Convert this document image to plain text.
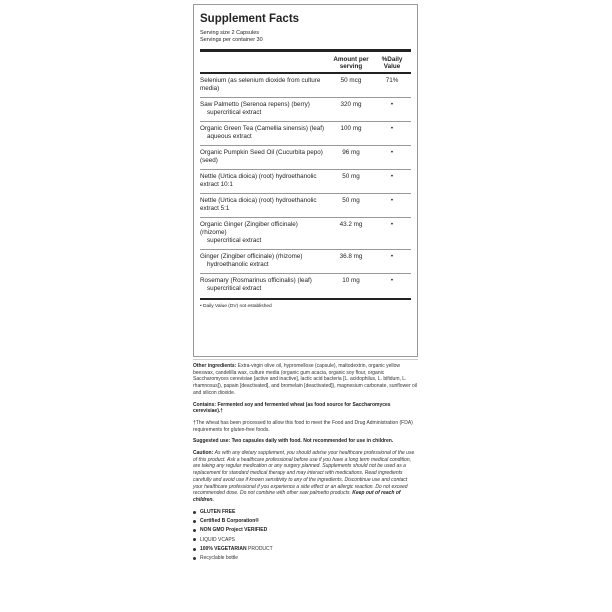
Supplement Facts
Serving size 2 Capsules
Servings per container 30
Amount per serving
%Daily Value
Selenium (as selenium dioxide from culture media)
50 mcg	71%
Saw Palmetto (Serenoa repens) (berry)
supercritical extract
320 mg	•
Organic Green Tea (Camellia sinensis) (leaf)
aqueous extract
100 mg	•
Organic Pumpkin Seed Oil (Cucurbita pepo) (seed)
96 mg	•
Nettle (Urtica dioica) (root) hydroethanolic extract 10:1
50 mg	•
Nettle (Urtica dioica) (root) hydroethanolic extract 5:1
50 mg	•
Organic Ginger (Zingiber officinale) (rhizome)
supercritical extract
43.2 mg	•
Ginger (Zingiber officinale) (rhizome)
hydroethanolic extract
36.8 mg	•
Rosemary (Rosmarinus officinalis) (leaf)
supercritical extract
10 mg	•
• Daily Value (DV) not established

Other ingredients: Extra-virgin olive oil, hypromellose (capsule), maltodextrin, organic yellow beeswax, candelilla wax, culture media (organic gum acacia, organic soy flour, organic Saccharomyces cerevisiae [active and inactive], lactic acid bacteria [L. acidophilus, L. bifidum, L. rhamnosus]), papain [deactivated], and bromelain [deactivated]), magnesium carbonate, sunflower oil and silicon dioxide.

Contains: Fermented soy and fermented wheat (as food source for Saccharomyces cerevisiae).†

†The wheat has been processed to allow this food to meet the Food and Drug Administration (FDA) requirements for gluten-free foods.

Suggested use: Two capsules daily with food. Not recommended for use in children.

Caution: As with any dietary supplement, you should advise your healthcare professional of the use of this product. Ask a healthcare professional before use if you have a long term medical condition, are taking any regular medication or any surgery planned. Supplements should not be used as a replacement for standard medical therapy and may interact with medications. Read ingredients carefully and avoid use if known sensitivity to any of the ingredients. Discontinue use and contact your healthcare professional if you experience a side effect or an allergic reaction. Do not exceed recommended dose. Do not combine with other saw palmetto products. Keep out of reach of children.

GLUTEN FREE
Certified B Corporation®
NON GMO Project VERIFIED
LIQUID VCAPS
100% VEGETARIAN PRODUCT
Recyclable bottle
